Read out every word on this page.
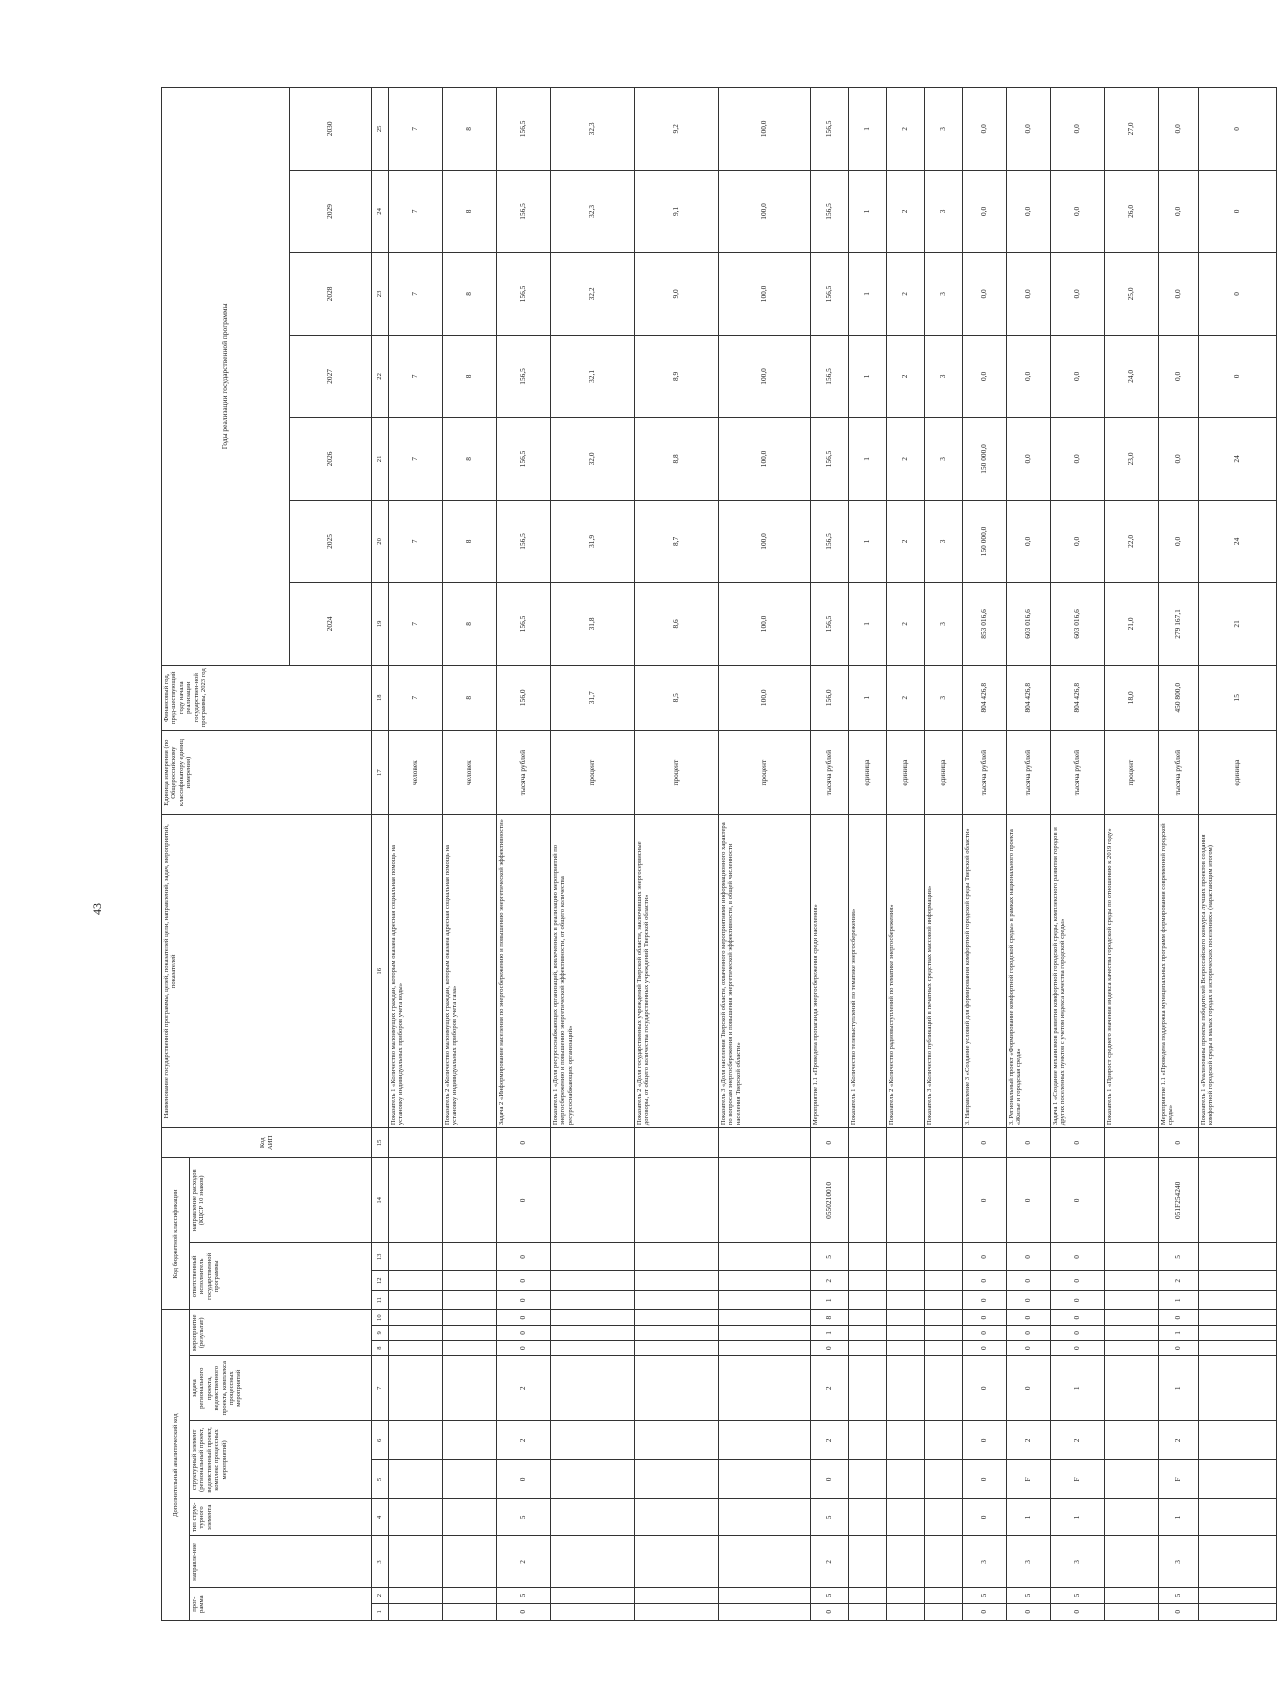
43
Дополнительный аналитический код										Код бюджетной классификации				Код АИП	Наименование государственной программы, целей, показателей цели, направлений, задач, мероприятий, показателей	Единица измерения (по Общероссийскому классификатору единиц измерения)	Финансовый год, пред-шествующий году начала реализации государствен-ной программы, 2023 год	Годы реализации государственной программы						
прог-рамма		направле-ние	тип струк-турного элемента	структурный элемент (региональный проект, ведомственный проект, комплекс процессных мероприятий)		задача регионального проекта, ведомственного проекта, комплекса процессных мероприятий	мероприятие (результат)			ответственный исполнитель государственной программы			направление расходов (КЦСР 10 знаков)											
																		2024	2025	2026	2027	2028	2029	2030
1	2	3	4	5	6	7	8	9	10	11	12	13	14	15	16	17	18	19	20	21	22	23	24	25
															Показатель 1 «Количество малоимущих граждан, которым оказана адресная социальная помощь на установку индивидуальных приборов учета воды»	человек	7	7	7	7	7	7	7	7
															Показатель 2 «Количество малоимущих граждан, которым оказана адресная социальная помощь на установку индивидуальных приборов учета газа»	человек	8	8	8	8	8	8	8	8
0	5	2	5	0	2	2	0	0	0	0	0	0	0	0	Задача 2 «Информирование населения по энергосбережению и повышению энергетической эффективности»	тысяча рублей	156,0	156,5	156,5	156,5	156,5	156,5	156,5	156,5
															Показатель 1 «Доля ресурсоснабжающих организаций, вовлеченных в реализацию мероприятий по энергосбережению и повышению энергетической эффективности, от общего количества ресурсоснабжающих организаций»	процент	31,7	31,8	31,9	32,0	32,1	32,2	32,3	32,3
															Показатель 2 «Доля государственных учреждений Тверской области, заключивших энергосервисные договоры, от общего количества государственных учреждений Тверской области»	процент	8,5	8,6	8,7	8,8	8,9	9,0	9,1	9,2
															Показатель 3 «Доля населения Тверской области, охваченного мероприятиями информационного характера по вопросам энергосбережения и повышения энергетической эффективности, в общей численности населения Тверской области»	процент	100,0	100,0	100,0	100,0	100,0	100,0	100,0	100,0
0	5	2	5	0	2	2	0	1	8	1	2	5	0550210010	0	Мероприятие 1.1 «Проведена пропаганда энергосбережения среди населения»	тысяча рублей	156,0	156,5	156,5	156,5	156,5	156,5	156,5	156,5
															Показатель 1 «Количество телевыступлений по тематике энергосбережения»	единица	1	1	1	1	1	1	1	1
															Показатель 2 «Количество радиовыступлений по тематике энергосбережения»	единица	2	2	2	2	2	2	2	2
															Показатель 3 «Количество публикаций в печатных средствах массовой информации»	единица	3	3	3	3	3	3	3	3
0	5	3	0	0	0	0	0	0	0	0	0	0	0	0	3. Направление 3 «Создание условий для формирования комфортной городской среды Тверской области»	тысяча рублей	804 426,8	853 016,6	150 000,0	150 000,0	0,0	0,0	0,0	0,0
0	5	3	1	F	2	0	0	0	0	0	0	0	0	0	3. Региональный проект «Формирование комфортной городской среды» в рамках национального проекта «Жилье и городская среда»	тысяча рублей	804 426,8	603 016,6	0,0	0,0	0,0	0,0	0,0	0,0
0	5	3	1	F	2	1	0	0	0	0	0	0	0	0	Задача 1 «Создание механизмов развития комфортной городской среды, комплексного развития городов и других поселенных пунктов с учетом индекса качества городской среды»	тысяча рублей	804 426,8	603 016,6	0,0	0,0	0,0	0,0	0,0	0,0
															Показатель 1 «Прирост среднего значения индекса качества городской среды по отношению к 2019 году»	процент	18,0	21,0	22,0	23,0	24,0	25,0	26,0	27,0
0	5	3	1	F	2	1	0	1	0	1	2	5	051F254240	0	Мероприятие 1.1 «Проведена поддержка муниципальных программ формирования современной городской среды»	тысяча рублей	450 800,0	279 167,1	0,0	0,0	0,0	0,0	0,0	0,0
															Показатель 1 «Реализованы проекты победителей Всероссийского конкурса лучших проектов создания комфортной городской среды в малых городах и исторических поселениях» (нарастающим итогом)	единица	15	21	24	24	0	0	0	0
